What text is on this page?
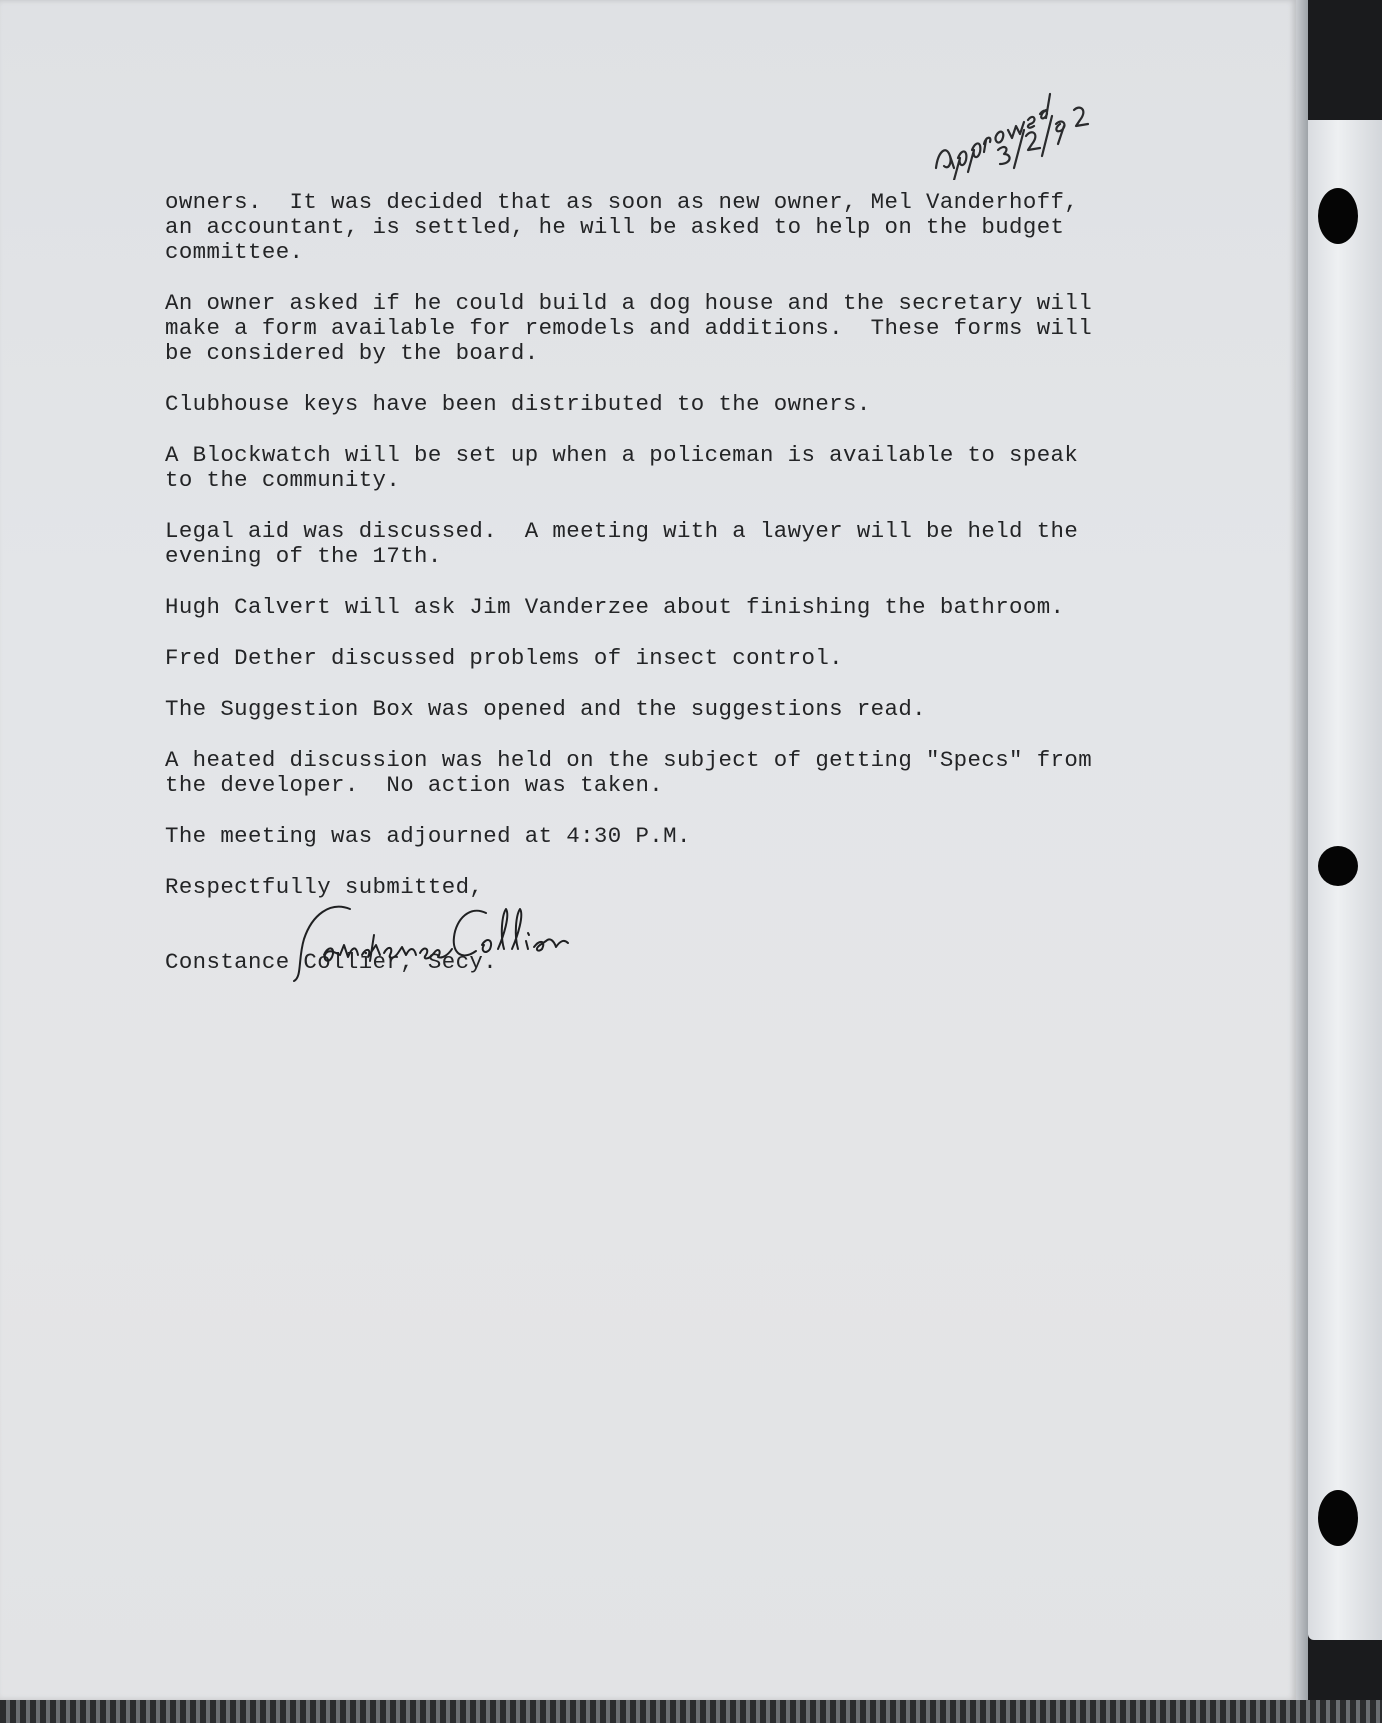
owners.  It was decided that as soon as new owner, Mel Vanderhoff,
an accountant, is settled, he will be asked to help on the budget
committee.

An owner asked if he could build a dog house and the secretary will
make a form available for remodels and additions.  These forms will
be considered by the board.

Clubhouse keys have been distributed to the owners.

A Blockwatch will be set up when a policeman is available to speak
to the community.

Legal aid was discussed.  A meeting with a lawyer will be held the
evening of the 17th.

Hugh Calvert will ask Jim Vanderzee about finishing the bathroom.

Fred Dether discussed problems of insect control.

The Suggestion Box was opened and the suggestions read.

A heated discussion was held on the subject of getting "Specs" from
the developer.  No action was taken.

The meeting was adjourned at 4:30 P.M.

Respectfully submitted,

Constance Collier, Secy.
